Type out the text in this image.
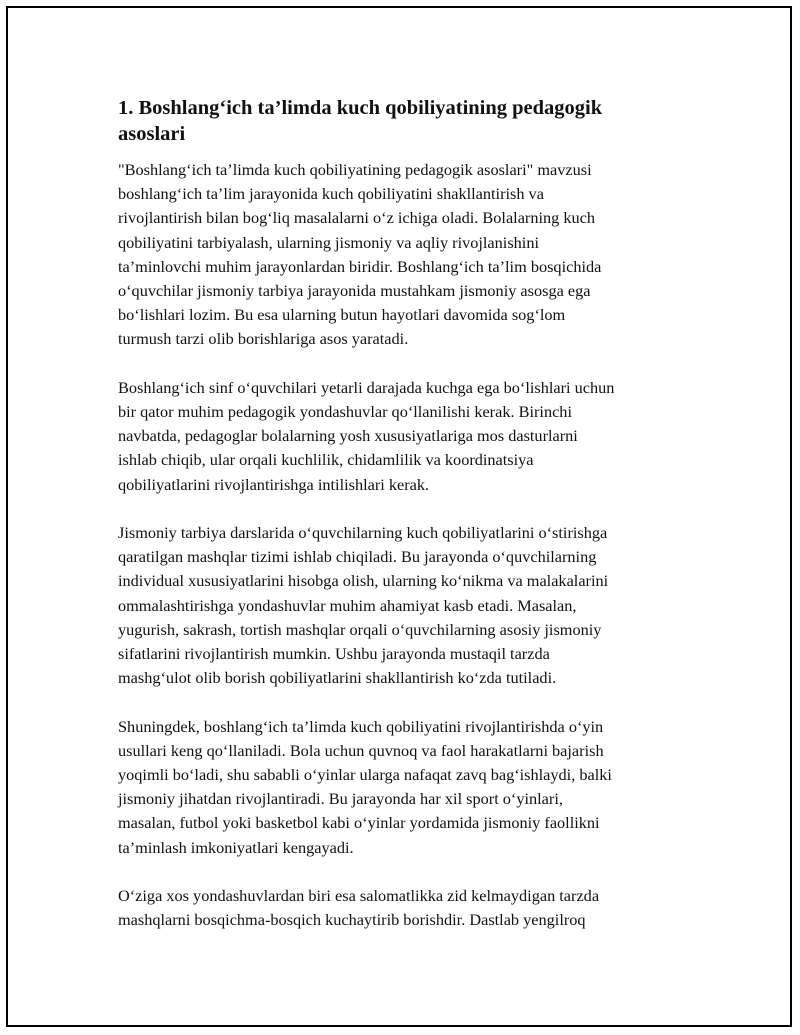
1. Boshlang‘ich ta’limda kuch qobiliyatining pedagogik
asoslari

"Boshlang‘ich ta’limda kuch qobiliyatining pedagogik asoslari" mavzusi
boshlang‘ich ta’lim jarayonida kuch qobiliyatini shakllantirish va
rivojlantirish bilan bog‘liq masalalarni o‘z ichiga oladi. Bolalarning kuch
qobiliyatini tarbiyalash, ularning jismoniy va aqliy rivojlanishini
ta’minlovchi muhim jarayonlardan biridir. Boshlang‘ich ta’lim bosqichida
o‘quvchilar jismoniy tarbiya jarayonida mustahkam jismoniy asosga ega
bo‘lishlari lozim. Bu esa ularning butun hayotlari davomida sog‘lom
turmush tarzi olib borishlariga asos yaratadi.

Boshlang‘ich sinf o‘quvchilari yetarli darajada kuchga ega bo‘lishlari uchun
bir qator muhim pedagogik yondashuvlar qo‘llanilishi kerak. Birinchi
navbatda, pedagoglar bolalarning yosh xususiyatlariga mos dasturlarni
ishlab chiqib, ular orqali kuchlilik, chidamlilik va koordinatsiya
qobiliyatlarini rivojlantirishga intilishlari kerak.

Jismoniy tarbiya darslarida o‘quvchilarning kuch qobiliyatlarini o‘stirishga
qaratilgan mashqlar tizimi ishlab chiqiladi. Bu jarayonda o‘quvchilarning
individual xususiyatlarini hisobga olish, ularning ko‘nikma va malakalarini
ommalashtirishga yondashuvlar muhim ahamiyat kasb etadi. Masalan,
yugurish, sakrash, tortish mashqlar orqali o‘quvchilarning asosiy jismoniy
sifatlarini rivojlantirish mumkin. Ushbu jarayonda mustaqil tarzda
mashg‘ulot olib borish qobiliyatlarini shakllantirish ko‘zda tutiladi.

Shuningdek, boshlang‘ich ta’limda kuch qobiliyatini rivojlantirishda o‘yin
usullari keng qo‘llaniladi. Bola uchun quvnoq va faol harakatlarni bajarish
yoqimli bo‘ladi, shu sababli o‘yinlar ularga nafaqat zavq bag‘ishlaydi, balki
jismoniy jihatdan rivojlantiradi. Bu jarayonda har xil sport o‘yinlari,
masalan, futbol yoki basketbol kabi o‘yinlar yordamida jismoniy faollikni
ta’minlash imkoniyatlari kengayadi.

O‘ziga xos yondashuvlardan biri esa salomatlikka zid kelmaydigan tarzda
mashqlarni bosqichma-bosqich kuchaytirib borishdir. Dastlab yengilroq
